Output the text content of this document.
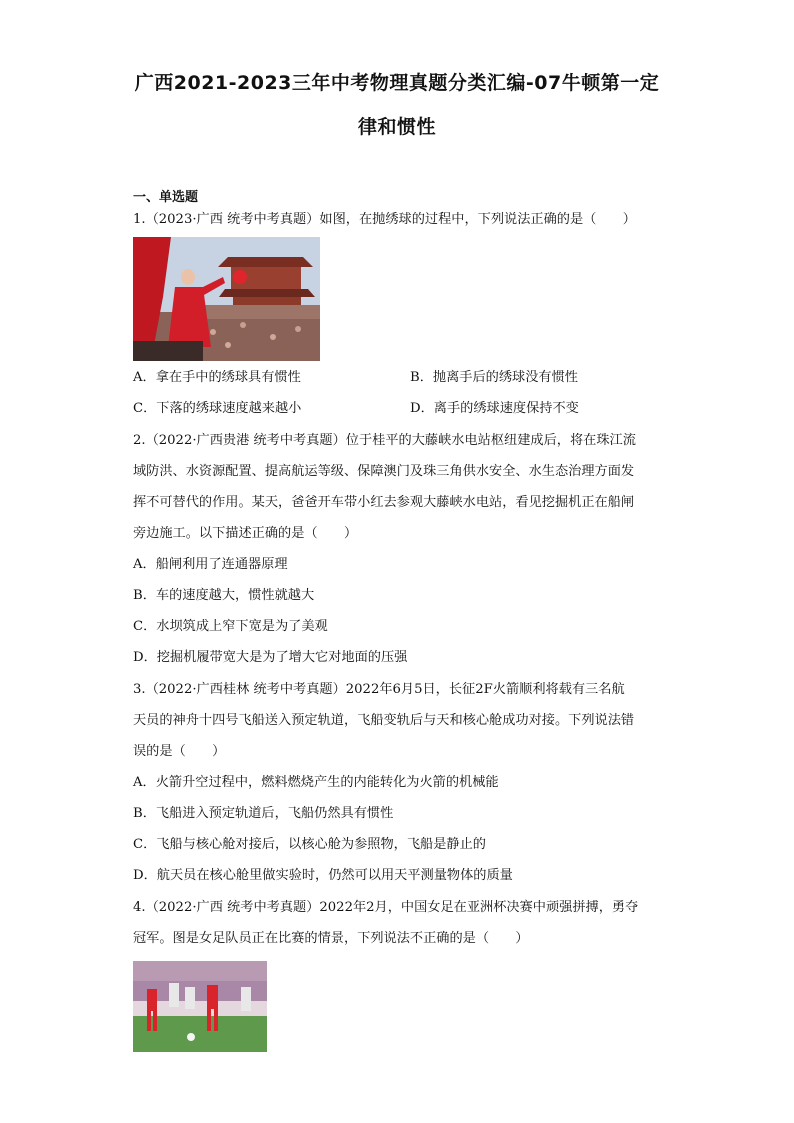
广西2021-2023三年中考物理真题分类汇编-07牛顿第一定
律和惯性
一、单选题
1.（2023·广西 统考中考真题）如图，在抛绣球的过程中，下列说法正确的是（　　）
A．拿在手中的绣球具有惯性	B．抛离手后的绣球没有惯性
C．下落的绣球速度越来越小	D．离手的绣球速度保持不变
2.（2022·广西贵港 统考中考真题）位于桂平的大藤峡水电站枢纽建成后，将在珠江流
域防洪、水资源配置、提高航运等级、保障澳门及珠三角供水安全、水生态治理方面发
挥不可替代的作用。某天，爸爸开车带小红去参观大藤峡水电站，看见挖掘机正在船闸
旁边施工。以下描述正确的是（　　）
A．船闸利用了连通器原理
B．车的速度越大，惯性就越大
C．水坝筑成上窄下宽是为了美观
D．挖掘机履带宽大是为了增大它对地面的压强
3.（2022·广西桂林 统考中考真题）2022年6月5日，长征2F火箭顺利将载有三名航
天员的神舟十四号飞船送入预定轨道，飞船变轨后与天和核心舱成功对接。下列说法错
误的是（　　）
A．火箭升空过程中，燃料燃烧产生的内能转化为火箭的机械能
B．飞船进入预定轨道后，飞船仍然具有惯性
C．飞船与核心舱对接后，以核心舱为参照物，飞船是静止的
D．航天员在核心舱里做实验时，仍然可以用天平测量物体的质量
4.（2022·广西 统考中考真题）2022年2月，中国女足在亚洲杯决赛中顽强拼搏，勇夺
冠军。图是女足队员正在比赛的情景，下列说法不正确的是（　　）
